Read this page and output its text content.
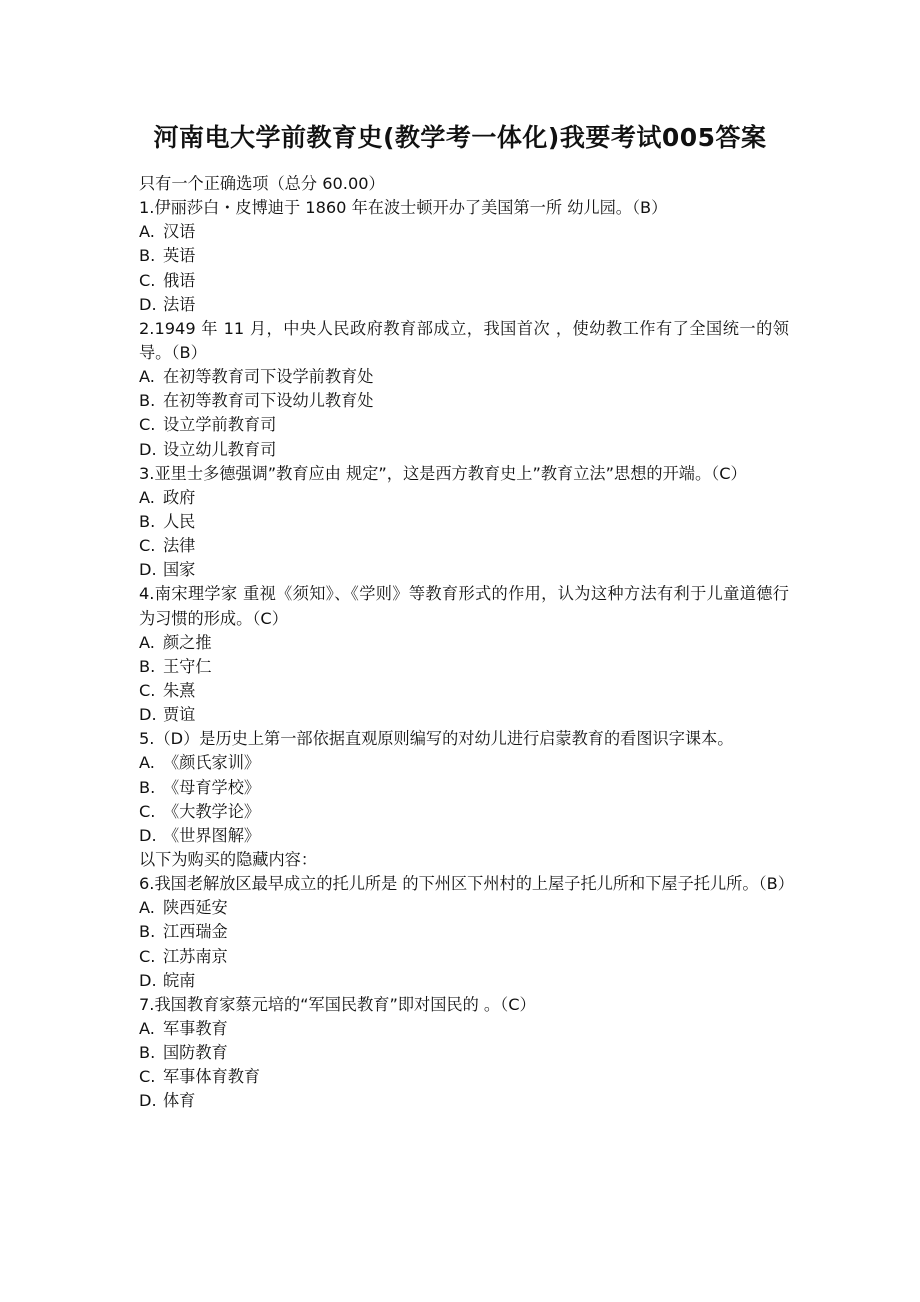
河南电大学前教育史(教学考一体化)我要考试005答案
只有一个正确选项（总分 60.00）
1.伊丽莎白・皮博迪于 1860 年在波士顿开办了美国第一所 幼儿园。（B）
A. 汉语
B. 英语
C. 俄语
D. 法语
2.1949 年 11 月，中央人民政府教育部成立，我国首次 ，使幼教工作有了全国统一的领导。（B）
A. 在初等教育司下设学前教育处
B. 在初等教育司下设幼儿教育处
C. 设立学前教育司
D. 设立幼儿教育司
3.亚里士多德强调”教育应由 规定”，这是西方教育史上”教育立法”思想的开端。（C）
A. 政府
B. 人民
C. 法律
D. 国家
4.南宋理学家 重视《须知》、《学则》等教育形式的作用，认为这种方法有利于儿童道德行为习惯的形成。（C）
A. 颜之推
B. 王守仁
C. 朱熹
D. 贾谊
5.（D）是历史上第一部依据直观原则编写的对幼儿进行启蒙教育的看图识字课本。
A. 《颜氏家训》
B. 《母育学校》
C. 《大教学论》
D. 《世界图解》
以下为购买的隐藏内容：
6.我国老解放区最早成立的托儿所是 的下州区下州村的上屋子托儿所和下屋子托儿所。（B）
A. 陕西延安
B. 江西瑞金
C. 江苏南京
D. 皖南
7.我国教育家蔡元培的“军国民教育”即对国民的 。（C）
A. 军事教育
B. 国防教育
C. 军事体育教育
D. 体育
